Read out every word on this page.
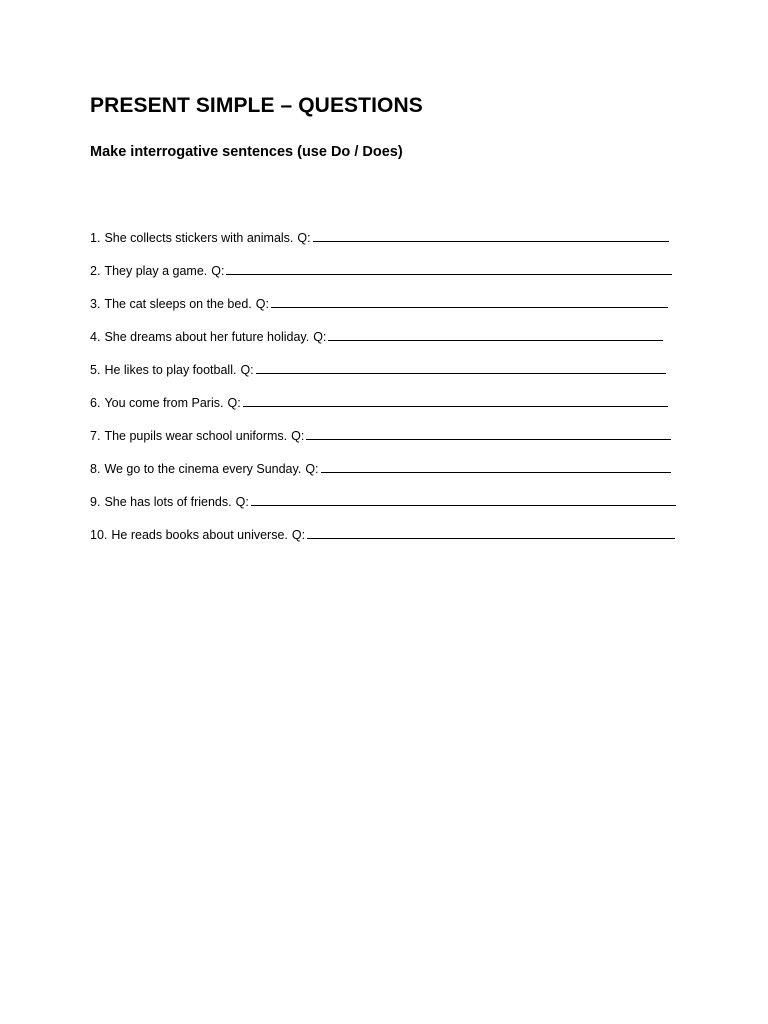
PRESENT SIMPLE – QUESTIONS
Make interrogative sentences (use Do / Does)
1. She collects stickers with animals. Q:
2. They play a game. Q:
3. The cat sleeps on the bed. Q:
4. She dreams about her future holiday. Q:
5. He likes to play football. Q:
6. You come from Paris. Q:
7. The pupils wear school uniforms. Q:
8. We go to the cinema every Sunday. Q:
9. She has lots of friends. Q:
10. He reads books about universe. Q:
